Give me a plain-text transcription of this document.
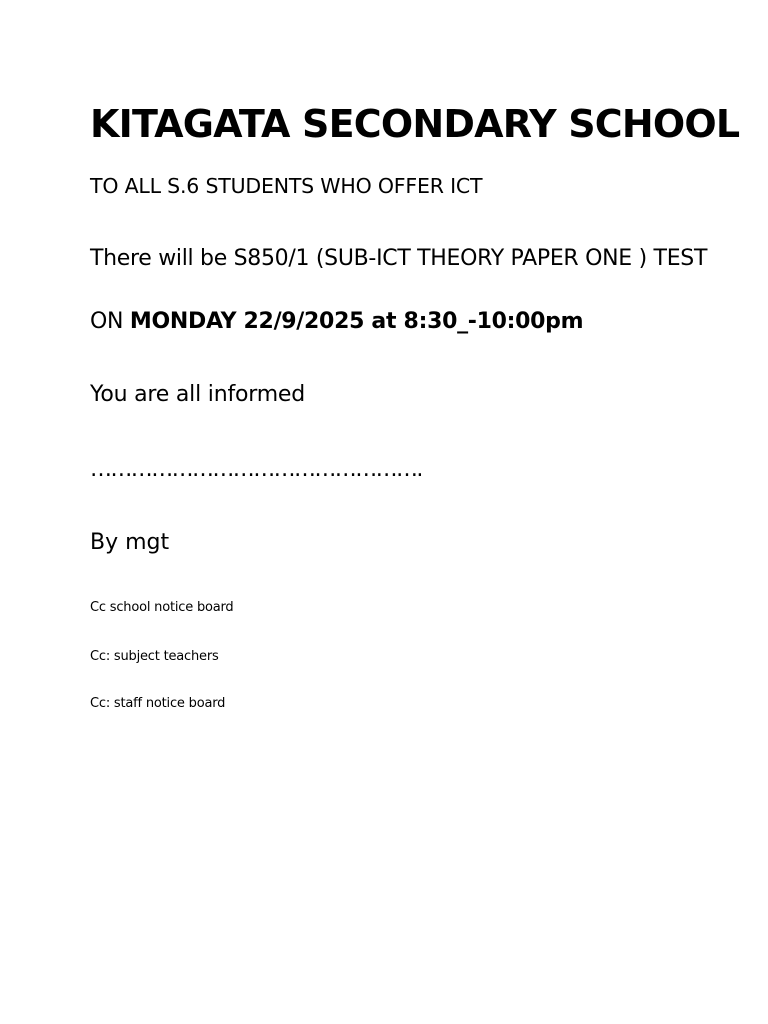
KITAGATA SECONDARY SCHOOL
TO ALL S.6 STUDENTS WHO OFFER ICT
There will be S850/1 (SUB-ICT THEORY PAPER ONE ) TEST
ON MONDAY 22/9/2025 at 8:30_-10:00pm
You are all informed
………………………………………….
By mgt
Cc school notice board
Cc: subject teachers
Cc: staff notice board
